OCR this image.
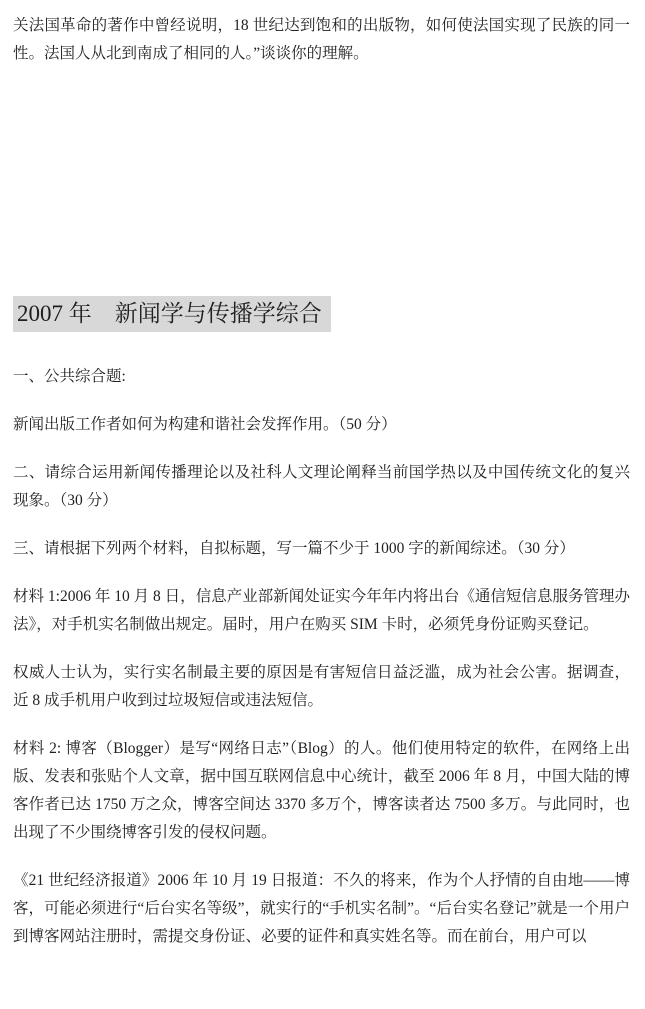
关法国革命的著作中曾经说明，18 世纪达到饱和的出版物，如何使法国实现了民族的同一性。法国人从北到南成了相同的人。”谈谈你的理解。

2007 年　新闻学与传播学综合

一、公共综合题:

新闻出版工作者如何为构建和谐社会发挥作用。（50 分）

二、请综合运用新闻传播理论以及社科人文理论阐释当前国学热以及中国传统文化的复兴现象。（30 分）

三、请根据下列两个材料，自拟标题，写一篇不少于 1000 字的新闻综述。（30 分）

材料 1:2006 年 10 月 8 日，信息产业部新闻处证实今年年内将出台《通信短信息服务管理办法》，对手机实名制做出规定。届时，用户在购买 SIM 卡时，必须凭身份证购买登记。

权威人士认为，实行实名制最主要的原因是有害短信日益泛滥，成为社会公害。据调查，近 8 成手机用户收到过垃圾短信或违法短信。

材料 2: 博客（Blogger）是写“网络日志”（Blog）的人。他们使用特定的软件，在网络上出版、发表和张贴个人文章，据中国互联网信息中心统计，截至 2006 年 8 月，中国大陆的博客作者已达 1750 万之众，博客空间达 3370 多万个，博客读者达 7500 多万。与此同时，也出现了不少围绕博客引发的侵权问题。

《21 世纪经济报道》2006 年 10 月 19 日报道：不久的将来，作为个人抒情的自由地——博客，可能必须进行“后台实名等级”，就实行的“手机实名制”。“后台实名登记”就是一个用户到博客网站注册时，需提交身份证、必要的证件和真实姓名等。而在前台，用户可以
